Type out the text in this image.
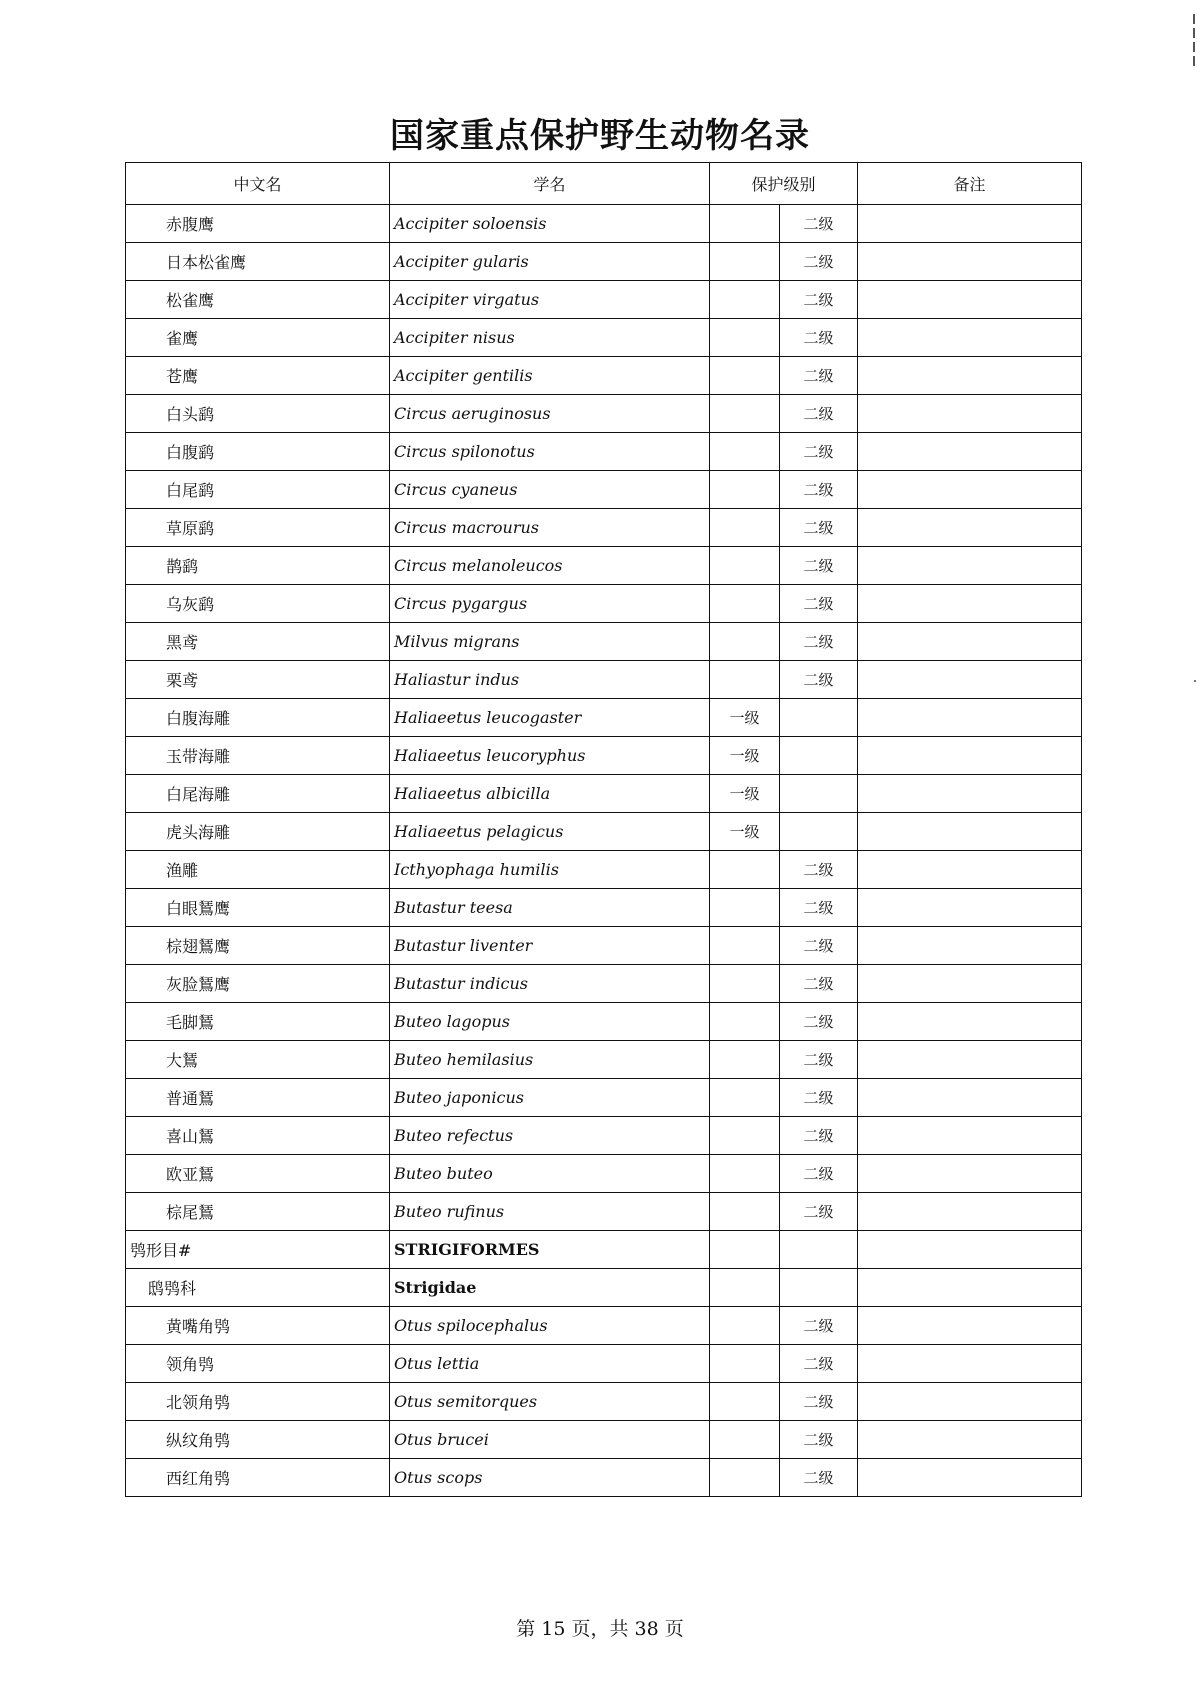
国家重点保护野生动物名录
中文名	学名	保护级别		备注
赤腹鹰	Accipiter soloensis		二级	
日本松雀鹰	Accipiter gularis		二级	
松雀鹰	Accipiter virgatus		二级	
雀鹰	Accipiter nisus		二级	
苍鹰	Accipiter gentilis		二级	
白头鹞	Circus aeruginosus		二级	
白腹鹞	Circus spilonotus		二级	
白尾鹞	Circus cyaneus		二级	
草原鹞	Circus macrourus		二级	
鹊鹞	Circus melanoleucos		二级	
乌灰鹞	Circus pygargus		二级	
黑鸢	Milvus migrans		二级	
栗鸢	Haliastur indus		二级	
白腹海雕	Haliaeetus leucogaster	一级		
玉带海雕	Haliaeetus leucoryphus	一级		
白尾海雕	Haliaeetus albicilla	一级		
虎头海雕	Haliaeetus pelagicus	一级		
渔雕	Icthyophaga humilis		二级	
白眼鵟鹰	Butastur teesa		二级	
棕翅鵟鹰	Butastur liventer		二级	
灰脸鵟鹰	Butastur indicus		二级	
毛脚鵟	Buteo lagopus		二级	
大鵟	Buteo hemilasius		二级	
普通鵟	Buteo japonicus		二级	
喜山鵟	Buteo refectus		二级	
欧亚鵟	Buteo buteo		二级	
棕尾鵟	Buteo rufinus		二级	
鸮形目#	STRIGIFORMES			
鸱鸮科	Strigidae			
黄嘴角鸮	Otus spilocephalus		二级	
领角鸮	Otus lettia		二级	
北领角鸮	Otus semitorques		二级	
纵纹角鸮	Otus brucei		二级	
西红角鸮	Otus scops		二级	
第 15 页，共 38 页
